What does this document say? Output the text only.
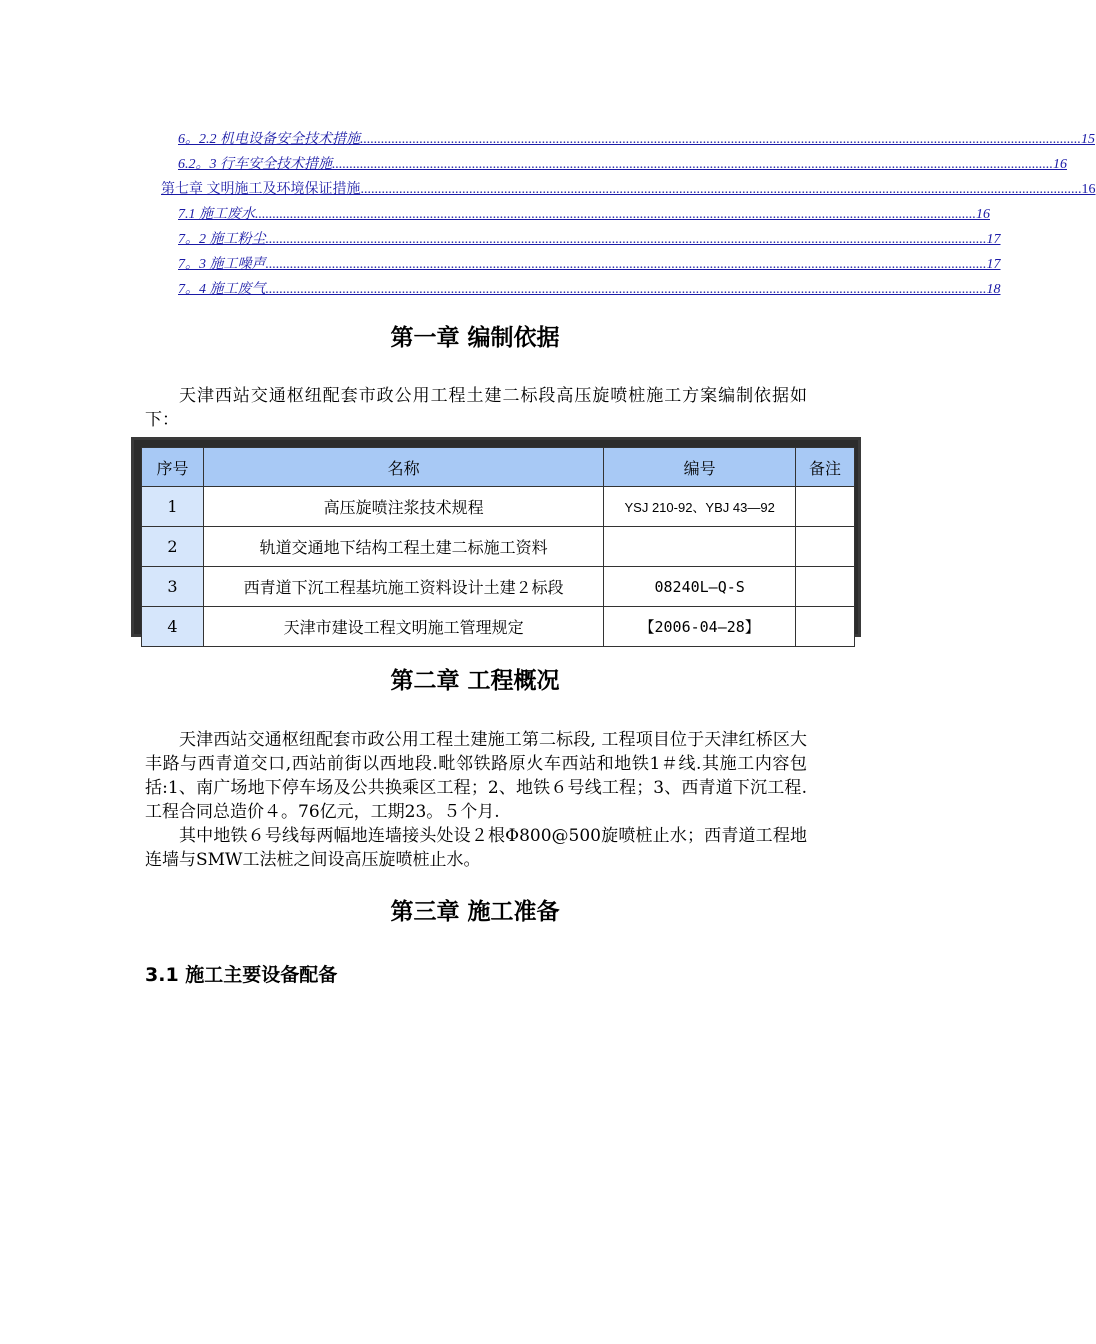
6。2.2 机电设备安全技术措施 .............................................................................................................................................................................................................. 15
6.2。3 行车安全技术措施 .............................................................................................................................................................................................................. 16
第七章 文明施工及环境保证措施 .............................................................................................................................................................................................................. 16
7.1 施工废水 .............................................................................................................................................................................................................. 16
7。2 施工粉尘 .............................................................................................................................................................................................................. 17
7。3 施工噪声 .............................................................................................................................................................................................................. 17
7。4 施工废气 .............................................................................................................................................................................................................. 18
第一章 编制依据

天津西站交通枢纽配套市政公用工程土建二标段高压旋喷桩施工方案编制依据如下：

序号	名称	编号	备注
1	高压旋喷注浆技术规程	YSJ 210-92、YBJ 43—92	
2	轨道交通地下结构工程土建二标施工资料		
3	西青道下沉工程基坑施工资料设计土建２标段	08240L—Q-S	
4	天津市建设工程文明施工管理规定	【2006-04—28】	
第二章 工程概况

天津西站交通枢纽配套市政公用工程土建施工第二标段, 工程项目位于天津红桥区大丰路与西青道交口,西站前街以西地段.毗邻铁路原火车西站和地铁1＃线.其施工内容包括:1、南广场地下停车场及公共换乘区工程；2、地铁６号线工程；3、西青道下沉工程.工程合同总造价４。76亿元，工期23。５个月.

其中地铁６号线每两幅地连墙接头处设２根Φ800@500旋喷桩止水；西青道工程地连墙与SMW工法桩之间设高压旋喷桩止水。

第三章 施工准备
3.1 施工主要设备配备
